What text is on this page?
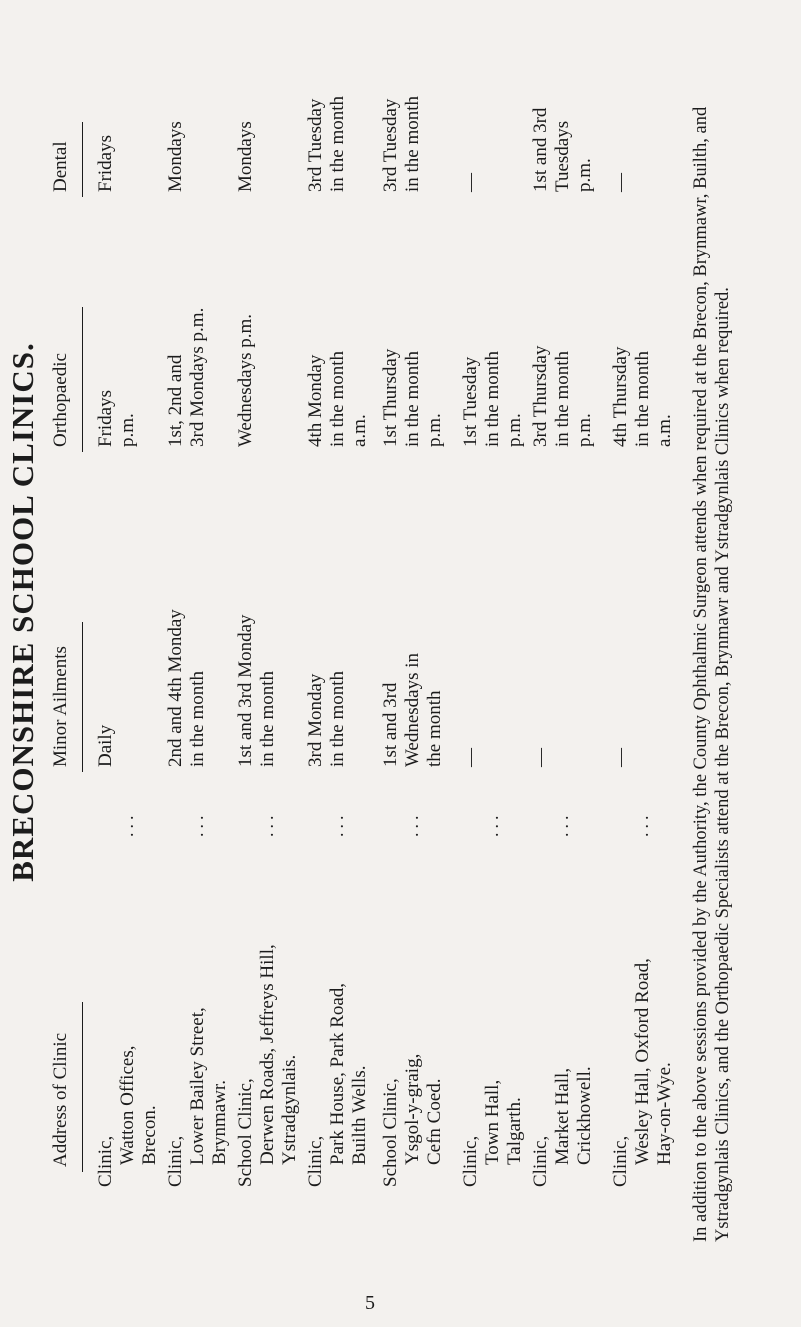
BRECONSHIRE SCHOOL CLINICS.
Address of Clinic
Minor Ailments
Orthopaedic
Dental
Clinic, Watton Offices, Brecon.
...
Daily
Fridays p.m.
Fridays
Clinic, Lower Bailey Street, Brynmawr.
...
2nd and 4th Monday in the month
1st, 2nd and 3rd Mondays p.m.
Mondays
School Clinic, Derwen Roads, Jeffreys Hill, Ystradgynlais.
...
1st and 3rd Monday in the month
Wednesdays p.m.
Mondays
Clinic, Park House, Park Road, Builth Wells.
...
3rd Monday in the month
4th Monday in the month a.m.
3rd Tuesday in the month
School Clinic, Ysgol-y-graig, Cefn Coed.
...
1st and 3rd Wednesdays in the month
1st Thursday in the month p.m.
3rd Tuesday in the month
Clinic, Town Hall, Talgarth.
...
—
1st Tuesday in the month p.m.
—
Clinic, Market Hall, Crickhowell.
...
—
3rd Thursday in the month p.m.
1st and 3rd Tuesdays p.m.
Clinic, Wesley Hall, Oxford Road, Hay-on-Wye.
...
—
4th Thursday in the month a.m.
—	In addition to the above sessions provided by the Authority, the County Ophthalmic Surgeon attends when required at the Brecon, Brynmawr, Builth, and Ystradgynlais Clinics, and the Orthopaedic Specialists attend at the Brecon, Brynmawr and Ystradgynlais Clinics when required.
5
